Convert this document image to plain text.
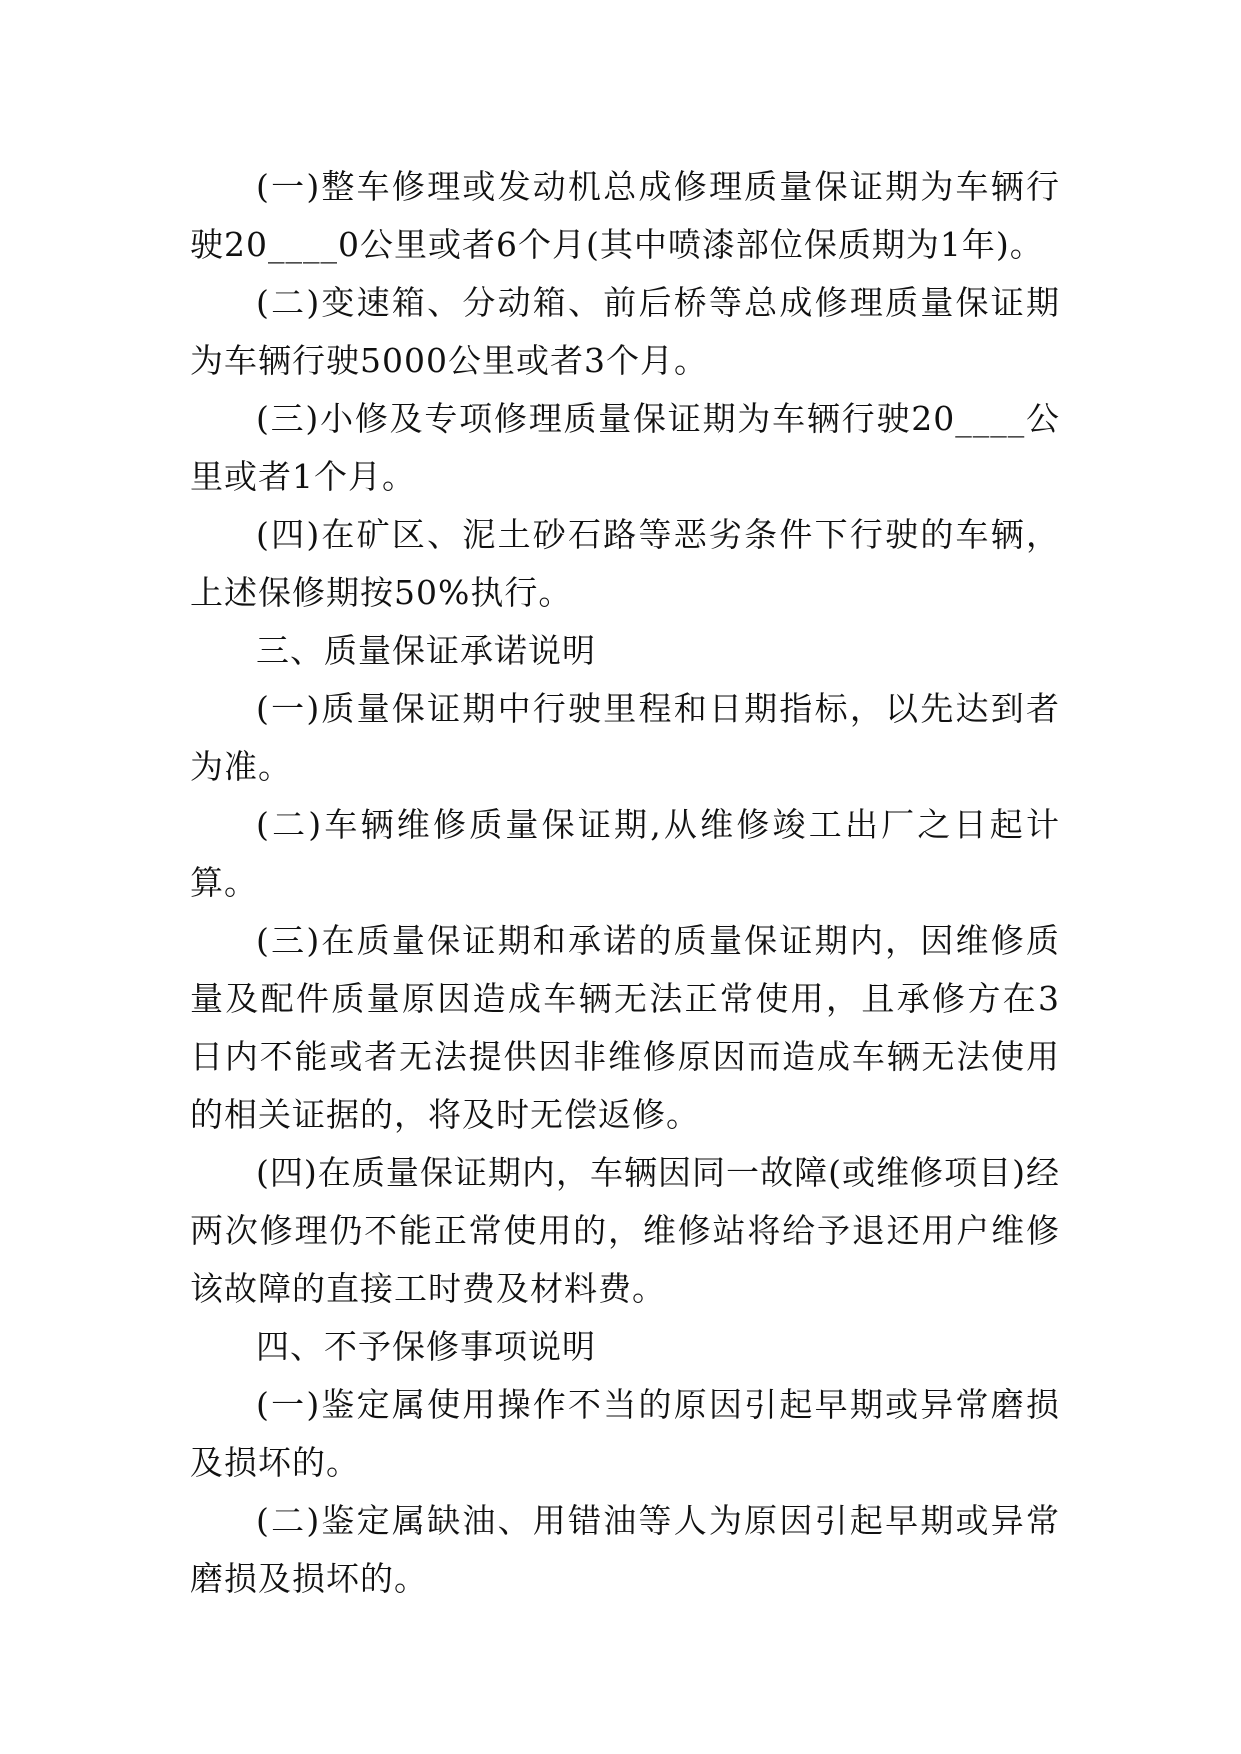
(一)整车修理或发动机总成修理质量保证期为车辆行驶20____0公里或者6个月(其中喷漆部位保质期为1年)。

(二)变速箱、分动箱、前后桥等总成修理质量保证期为车辆行驶5000公里或者3个月。

(三)小修及专项修理质量保证期为车辆行驶20____公里或者1个月。

(四)在矿区、泥土砂石路等恶劣条件下行驶的车辆，上述保修期按50%执行。

三、质量保证承诺说明

(一)质量保证期中行驶里程和日期指标，以先达到者为准。

(二)车辆维修质量保证期,从维修竣工出厂之日起计算。

(三)在质量保证期和承诺的质量保证期内，因维修质量及配件质量原因造成车辆无法正常使用，且承修方在3日内不能或者无法提供因非维修原因而造成车辆无法使用的相关证据的，将及时无偿返修。

(四)在质量保证期内，车辆因同一故障(或维修项目)经两次修理仍不能正常使用的，维修站将给予退还用户维修该故障的直接工时费及材料费。

四、不予保修事项说明

(一)鉴定属使用操作不当的原因引起早期或异常磨损及损坏的。

(二)鉴定属缺油、用错油等人为原因引起早期或异常磨损及损坏的。
